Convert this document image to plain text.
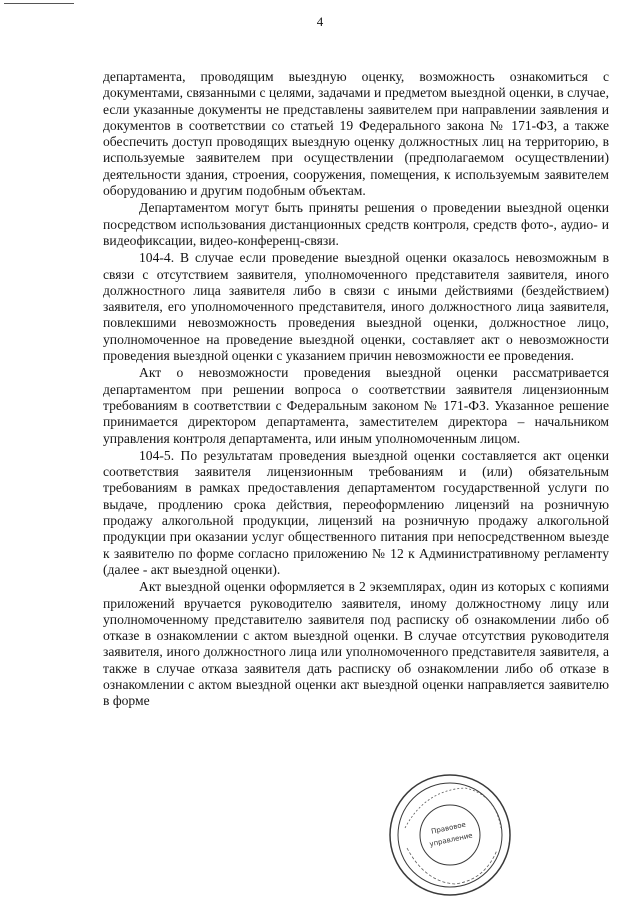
4

департамента, проводящим выездную оценку, возможность ознакомиться с документами, связанными с целями, задачами и предметом выездной оценки, в случае, если указанные документы не представлены заявителем при направлении заявления и документов в соответствии со статьей 19 Федерального закона № 171-ФЗ, а также обеспечить доступ проводящих выездную оценку должностных лиц на территорию, в используемые заявителем при осуществлении (предполагаемом осуществлении) деятельности здания, строения, сооружения, помещения, к используемым заявителем оборудованию и другим подобным объектам.

Департаментом могут быть приняты решения о проведении выездной оценки посредством использования дистанционных средств контроля, средств фото-, аудио- и видеофиксации, видео-конференц-связи.

104-4. В случае если проведение выездной оценки оказалось невозможным в связи с отсутствием заявителя, уполномоченного представителя заявителя, иного должностного лица заявителя либо в связи с иными действиями (бездействием) заявителя, его уполномоченного представителя, иного должностного лица заявителя, повлекшими невозможность проведения выездной оценки, должностное лицо, уполномоченное на проведение выездной оценки, составляет акт о невозможности проведения выездной оценки с указанием причин невозможности ее проведения.

Акт о невозможности проведения выездной оценки рассматривается департаментом при решении вопроса о соответствии заявителя лицензионным требованиям в соответствии с Федеральным законом № 171-ФЗ. Указанное решение принимается директором департамента, заместителем директора – начальником управления контроля департамента, или иным уполномоченным лицом.

104-5. По результатам проведения выездной оценки составляется акт оценки соответствия заявителя лицензионным требованиям и (или) обязательным требованиям в рамках предоставления департаментом государственной услуги по выдаче, продлению срока действия, переоформлению лицензий на розничную продажу алкогольной продукции, лицензий на розничную продажу алкогольной продукции при оказании услуг общественного питания при непосредственном выезде к заявителю по форме согласно приложению № 12 к Административному регламенту (далее - акт выездной оценки).

Акт выездной оценки оформляется в 2 экземплярах, один из которых с копиями приложений вручается руководителю заявителя, иному должностному лицу или уполномоченному представителю заявителя под расписку об ознакомлении либо об отказе в ознакомлении с актом выездной оценки. В случае отсутствия руководителя заявителя, иного должностного лица или уполномоченного представителя заявителя, а также в случае отказа заявителя дать расписку об ознакомлении либо об отказе в ознакомлении с актом выездной оценки акт выездной оценки направляется заявителю в форме

Правовое
управление
